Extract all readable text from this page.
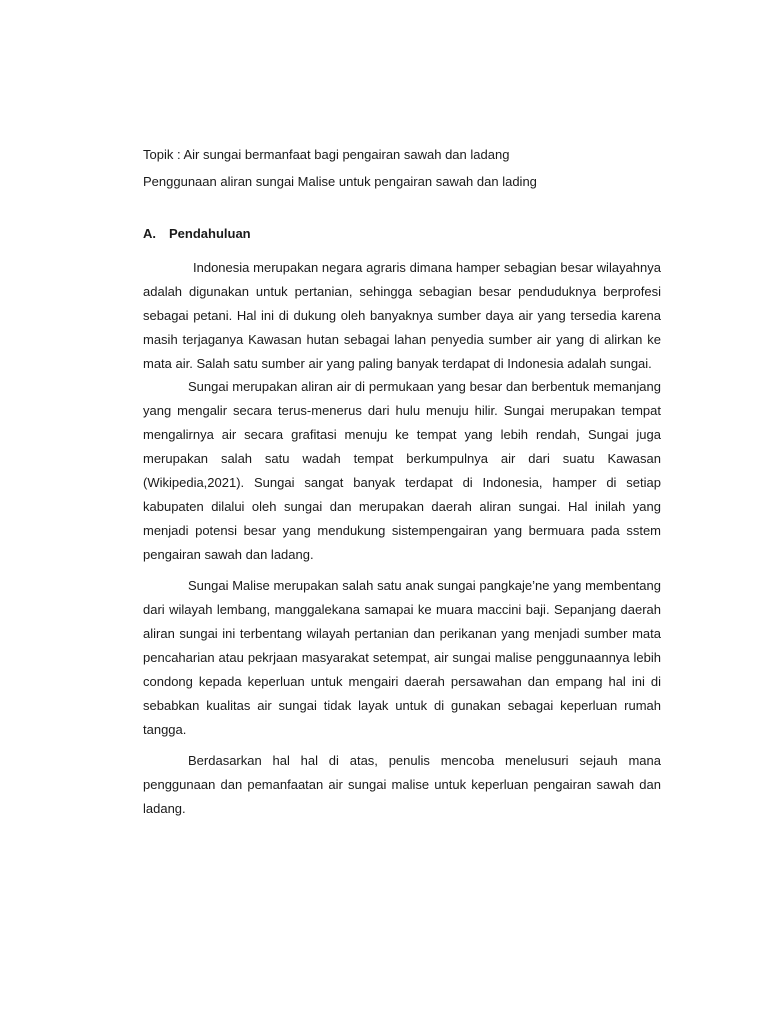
Topik : Air sungai bermanfaat bagi pengairan sawah dan ladang
Penggunaan aliran sungai Malise untuk pengairan sawah dan lading
A. Pendahuluan

Indonesia merupakan negara agraris dimana hamper sebagian besar wilayahnya adalah digunakan untuk pertanian, sehingga sebagian besar penduduknya berprofesi sebagai petani. Hal ini di dukung oleh banyaknya sumber daya air yang tersedia karena masih terjaganya Kawasan hutan sebagai lahan penyedia sumber air yang di alirkan ke mata air. Salah satu sumber air yang paling banyak terdapat di Indonesia adalah sungai.

Sungai merupakan aliran air di permukaan yang besar dan berbentuk memanjang yang mengalir secara terus-menerus dari hulu menuju hilir. Sungai merupakan tempat mengalirnya air secara grafitasi menuju ke tempat yang lebih rendah, Sungai juga merupakan salah satu wadah tempat berkumpulnya air dari suatu Kawasan (Wikipedia,2021). Sungai sangat banyak terdapat di Indonesia, hamper di setiap kabupaten dilalui oleh sungai dan merupakan daerah aliran sungai. Hal inilah yang menjadi potensi besar yang mendukung sistempengairan yang bermuara pada sstem pengairan sawah dan ladang.

Sungai Malise merupakan salah satu anak sungai pangkaje’ne yang membentang dari wilayah lembang, manggalekana samapai ke muara maccini baji. Sepanjang daerah aliran sungai ini terbentang wilayah pertanian dan perikanan yang menjadi sumber mata pencaharian atau pekrjaan masyarakat setempat, air sungai malise penggunaannya lebih condong kepada keperluan untuk mengairi daerah persawahan dan empang hal ini di sebabkan kualitas air sungai tidak layak untuk di gunakan sebagai keperluan rumah tangga.

Berdasarkan hal hal di atas, penulis mencoba menelusuri sejauh mana penggunaan dan pemanfaatan air sungai malise untuk keperluan pengairan sawah dan ladang.
